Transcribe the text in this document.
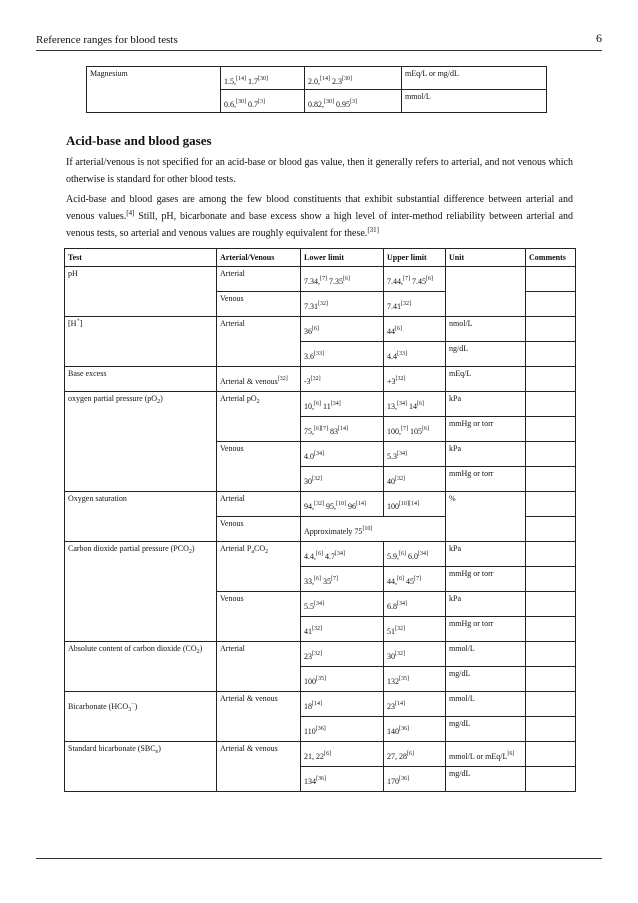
Reference ranges for blood tests	6
Magnesium	1.5,[14] 1.7[30]	2.0,[14] 2.3[30]	mEq/L or mg/dL
	0.6,[30] 0.7[3]	0.82,[30] 0.95[3]	mmol/L
Acid-base and blood gases

If arterial/venous is not specified for an acid-base or blood gas value, then it generally refers to arterial, and not venous which otherwise is standard for other blood tests.

Acid-base and blood gases are among the few blood constituents that exhibit substantial difference between arterial and venous values.[4] Still, pH, bicarbonate and base excess show a high level of inter-method reliability between arterial and venous tests, so arterial and venous values are roughly equivalent for these.[31]

Test	Arterial/Venous	Lower limit	Upper limit	Unit	Comments
pH	Arterial	7.34,[7] 7.35[6]	7.44,[7] 7.45[6]		
	Venous	7.31[32]	7.41[32]	
[H+]	Arterial	36[6]	44[6]	nmol/L	
		3.6[33]	4.4[33]	ng/dL	
Base excess	Arterial & venous[32]	-3[32]	+3[32]	mEq/L	
oxygen partial pressure $(pO_2)$	Arterial $pO_2$	10,[6] 11[34]	13,[34] 14[6]	kPa	
		75,[6][7] 83[14]	100,[7] 105[6]	mmHg or torr	
	Venous	4.0[34]	5.3[34]	kPa	
		30[32]	40[32]	mmHg or torr	
Oxygen saturation	Arterial	94,[32] 95,[10] 96[14]	100[10][14]	%	
	Venous	Approximately 75[10]	
Carbon dioxide partial pressure $(PCO_2)$	Arterial $P_aCO_2$	4.4,[6] 4.7[34]	5.9,[6] 6.0[34]	kPa	
		33,[6] 35[7]	44,[6] 45[7]	mmHg or torr	
	Venous	5.5[34]	6.8[34]	kPa	
		41[32]	51[32]	mmHg or torr	
Absolute content of carbon dioxide $(CO_2)$	Arterial	23[32]	30[32]	mmol/L	
		100[35]	132[35]	mg/dL	
Bicarbonate $(HCO_3^-)$	Arterial & venous	18[14]	23[14]	mmol/L	
		110[36]	140[36]	mg/dL	
Standard bicarbonate $(SBC_e)$	Arterial & venous	21, 22[6]	27, 28[6]	mmol/L or mEq/L[6]	
		134[36]	170[36]	mg/dL	
